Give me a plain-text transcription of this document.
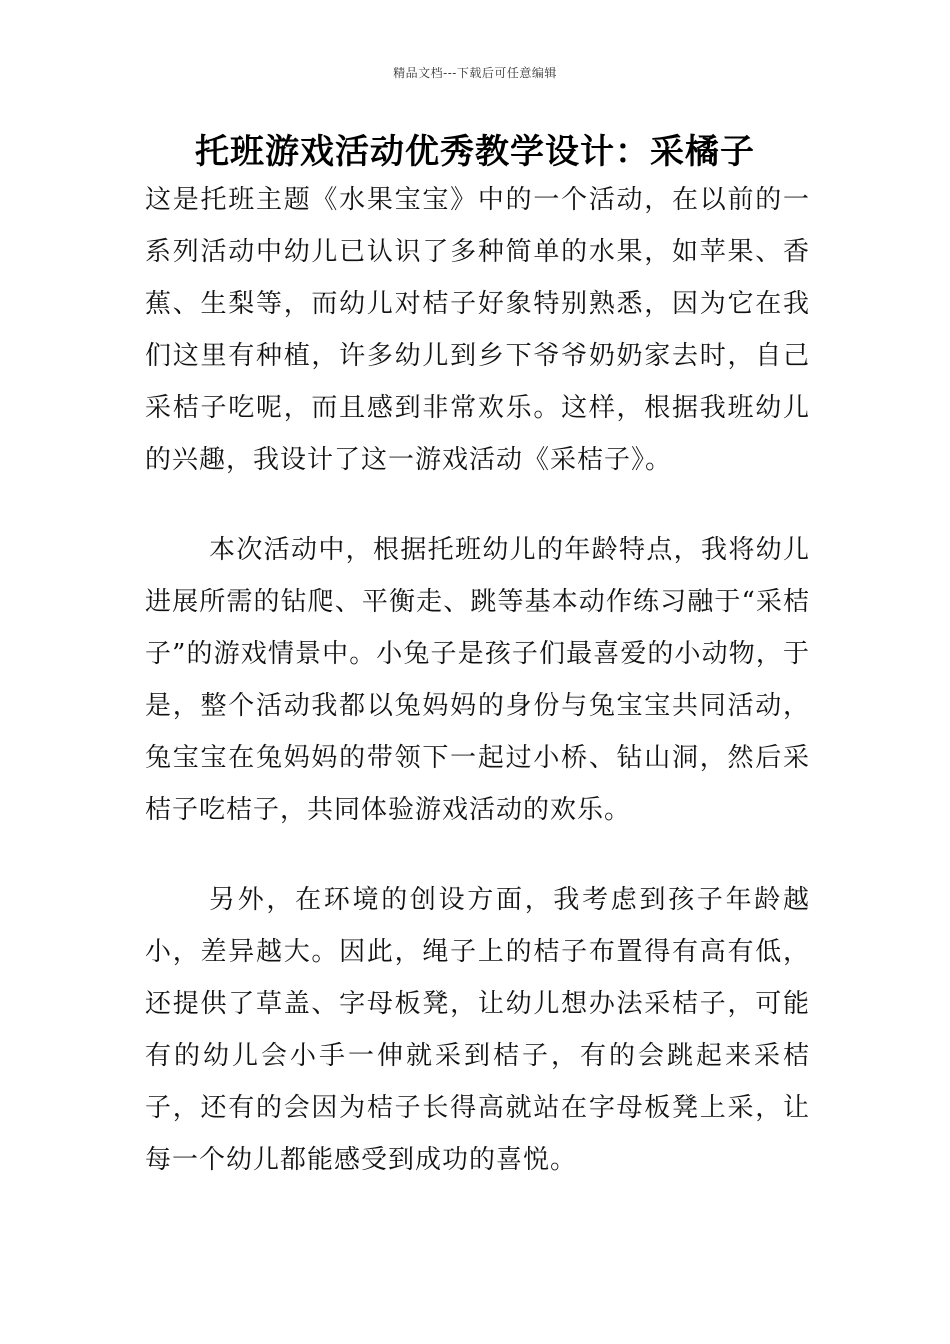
精品文档---下载后可任意编辑
托班游戏活动优秀教学设计：采橘子

这是托班主题《水果宝宝》中的一个活动，在以前的一系列活动中幼儿已认识了多种简单的水果，如苹果、香蕉、生梨等，而幼儿对桔子好象特别熟悉，因为它在我们这里有种植，许多幼儿到乡下爷爷奶奶家去时，自己采桔子吃呢，而且感到非常欢乐。这样，根据我班幼儿的兴趣，我设计了这一游戏活动《采桔子》。

本次活动中，根据托班幼儿的年龄特点，我将幼儿进展所需的钻爬、平衡走、跳等基本动作练习融于“采桔子”的游戏情景中。小兔子是孩子们最喜爱的小动物，于是，整个活动我都以兔妈妈的身份与兔宝宝共同活动，兔宝宝在兔妈妈的带领下一起过小桥、钻山洞，然后采桔子吃桔子，共同体验游戏活动的欢乐。

另外，在环境的创设方面，我考虑到孩子年龄越小，差异越大。因此，绳子上的桔子布置得有高有低，还提供了草盖、字母板凳，让幼儿想办法采桔子，可能有的幼儿会小手一伸就采到桔子，有的会跳起来采桔子，还有的会因为桔子长得高就站在字母板凳上采，让每一个幼儿都能感受到成功的喜悦。
